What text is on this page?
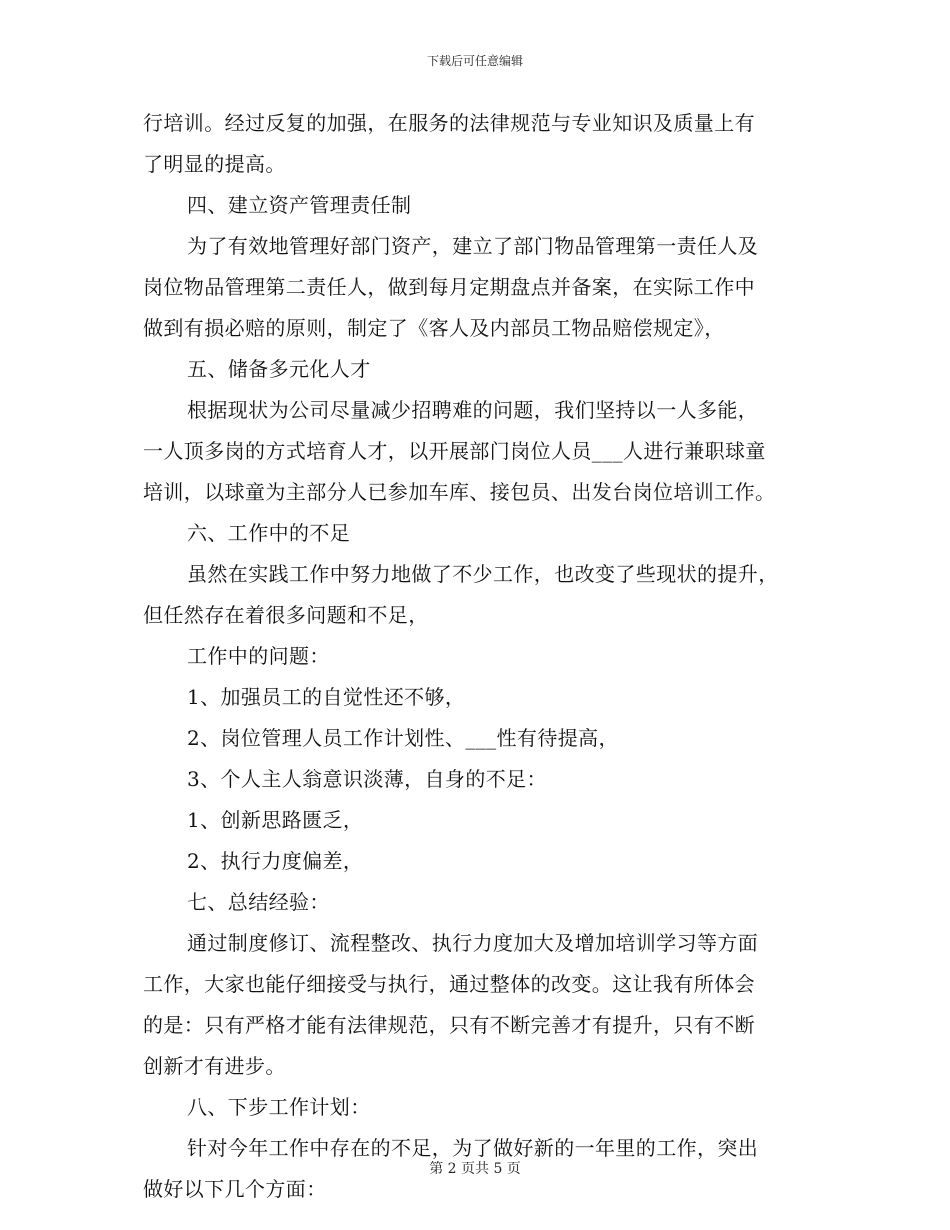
下载后可任意编辑
行培训。经过反复的加强，在服务的法律规范与专业知识及质量上有
了明显的提高。
四、建立资产管理责任制
为了有效地管理好部门资产，建立了部门物品管理第一责任人及
岗位物品管理第二责任人，做到每月定期盘点并备案，在实际工作中
做到有损必赔的原则，制定了《客人及内部员工物品赔偿规定》，
五、储备多元化人才
根据现状为公司尽量减少招聘难的问题，我们坚持以一人多能，
一人顶多岗的方式培育人才，以开展部门岗位人员___人进行兼职球童
培训，以球童为主部分人已参加车库、接包员、出发台岗位培训工作。
六、工作中的不足
虽然在实践工作中努力地做了不少工作，也改变了些现状的提升，
但任然存在着很多问题和不足，
工作中的问题：
1、加强员工的自觉性还不够，
2、岗位管理人员工作计划性、___性有待提高，
3、个人主人翁意识淡薄，自身的不足：
1、创新思路匮乏，
2、执行力度偏差，
七、总结经验：
通过制度修订、流程整改、执行力度加大及增加培训学习等方面
工作，大家也能仔细接受与执行，通过整体的改变。这让我有所体会
的是：只有严格才能有法律规范，只有不断完善才有提升，只有不断
创新才有进步。
八、下步工作计划：
针对今年工作中存在的不足，为了做好新的一年里的工作，突出
做好以下几个方面：
第 2 页共 5 页
